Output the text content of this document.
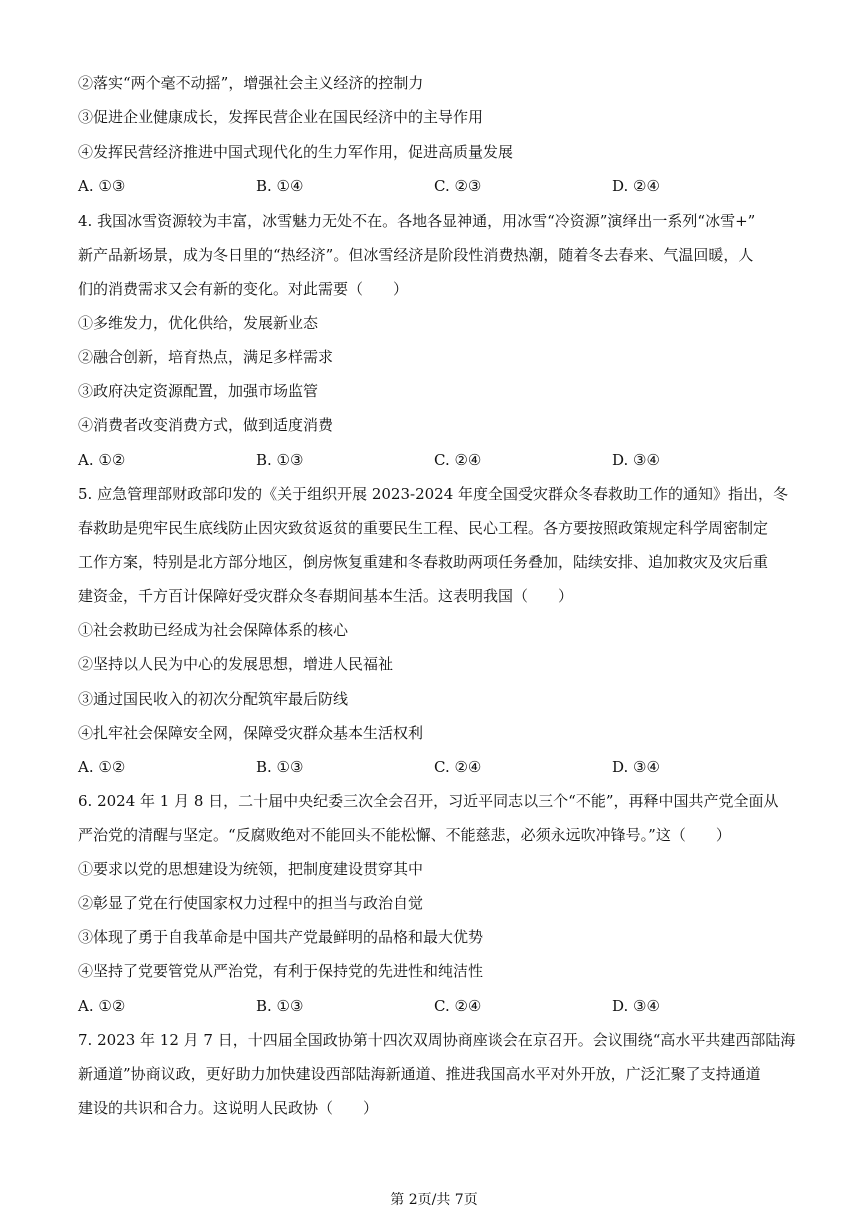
②落实“两个毫不动摇”，增强社会主义经济的控制力
③促进企业健康成长，发挥民营企业在国民经济中的主导作用
④发挥民营经济推进中国式现代化的生力军作用，促进高质量发展
A. ①③	B. ①④	C. ②③	D. ②④
4. 我国冰雪资源较为丰富，冰雪魅力无处不在。各地各显神通，用冰雪“冷资源”演绎出一系列“冰雪+”
新产品新场景，成为冬日里的“热经济”。但冰雪经济是阶段性消费热潮，随着冬去春来、气温回暖，人
们的消费需求又会有新的变化。对此需要（　　）
①多维发力，优化供给，发展新业态
②融合创新，培育热点，满足多样需求
③政府决定资源配置，加强市场监管
④消费者改变消费方式，做到适度消费
A. ①②	B. ①③	C. ②④	D. ③④
5. 应急管理部财政部印发的《关于组织开展 2023-2024 年度全国受灾群众冬春救助工作的通知》指出，冬
春救助是兜牢民生底线防止因灾致贫返贫的重要民生工程、民心工程。各方要按照政策规定科学周密制定
工作方案，特别是北方部分地区，倒房恢复重建和冬春救助两项任务叠加，陆续安排、追加救灾及灾后重
建资金，千方百计保障好受灾群众冬春期间基本生活。这表明我国（　　）
①社会救助已经成为社会保障体系的核心
②坚持以人民为中心的发展思想，增进人民福祉
③通过国民收入的初次分配筑牢最后防线
④扎牢社会保障安全网，保障受灾群众基本生活权利
A. ①②	B. ①③	C. ②④	D. ③④
6. 2024 年 1 月 8 日，二十届中央纪委三次全会召开，习近平同志以三个“不能”，再释中国共产党全面从
严治党的清醒与坚定。“反腐败绝对不能回头不能松懈、不能慈悲，必须永远吹冲锋号。”这（　　）
①要求以党的思想建设为统领，把制度建设贯穿其中
②彰显了党在行使国家权力过程中的担当与政治自觉
③体现了勇于自我革命是中国共产党最鲜明的品格和最大优势
④坚持了党要管党从严治党，有利于保持党的先进性和纯洁性
A. ①②	B. ①③	C. ②④	D. ③④
7. 2023 年 12 月 7 日，十四届全国政协第十四次双周协商座谈会在京召开。会议围绕“高水平共建西部陆海
新通道”协商议政，更好助力加快建设西部陆海新通道、推进我国高水平对外开放，广泛汇聚了支持通道
建设的共识和合力。这说明人民政协（　　）
第 2页/共 7页
